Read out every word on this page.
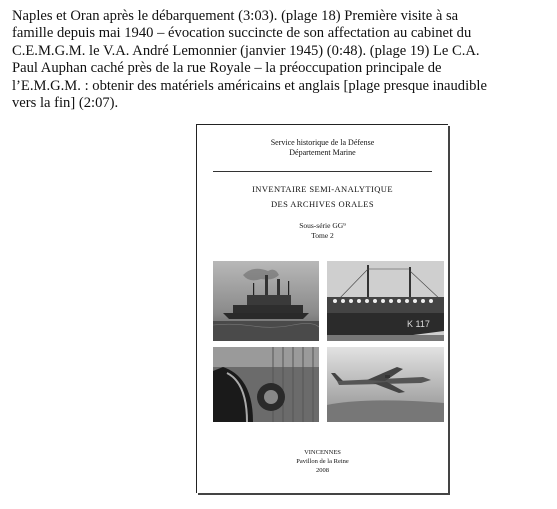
Naples et Oran après le débarquement (3:03). (plage 18) Première visite à sa
famille depuis mai 1940 – évocation succincte de son affectation au cabinet du
C.E.M.G.M. le V.A. André Lemonnier (janvier 1945) (0:48). (plage 19) Le C.A.
Paul Auphan caché près de la rue Royale – la préoccupation principale de
l’E.M.G.M. : obtenir des matériels américains et anglais [plage presque inaudible
vers la fin] (2:07).
Service historique de la Défense
Département Marine
INVENTAIRE SEMI-ANALYTIQUE
DES ARCHIVES ORALES
Sous-série GG⁹
Tome 2
K 117
VINCENNES
Pavillon de la Reine
2008
